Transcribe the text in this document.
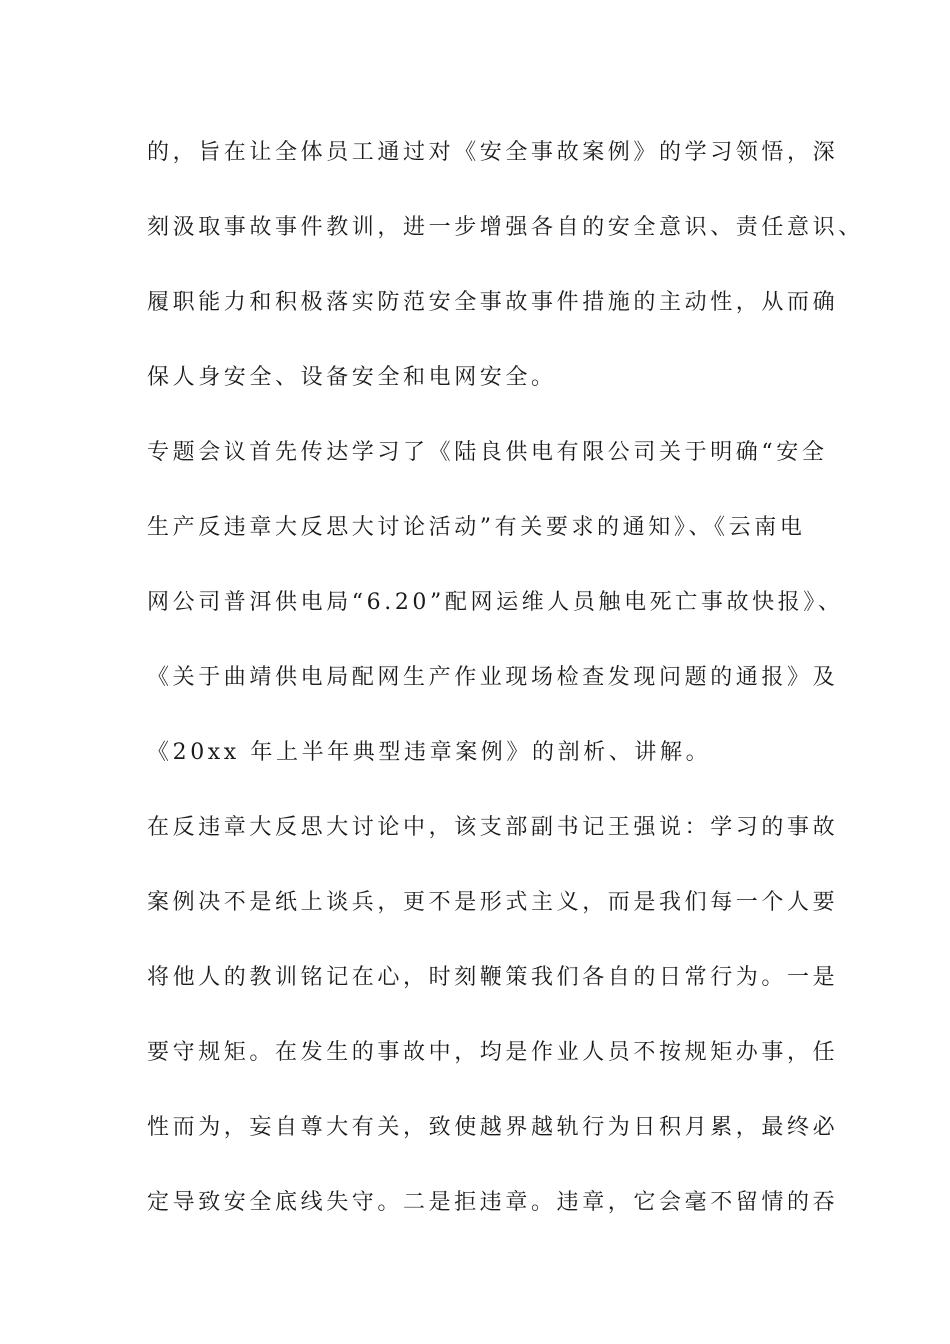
的，旨在让全体员工通过对《安全事故案例》的学习领悟，深
刻汲取事故事件教训，进一步增强各自的安全意识、责任意识、
履职能力和积极落实防范安全事故事件措施的主动性，从而确
保人身安全、设备安全和电网安全。
专题会议首先传达学习了《陆良供电有限公司关于明确“安全
生产反违章大反思大讨论活动”有关要求的通知》、《云南电
网公司普洱供电局“6.20”配网运维人员触电死亡事故快报》、
《关于曲靖供电局配网生产作业现场检查发现问题的通报》及
《20xx 年上半年典型违章案例》的剖析、讲解。
在反违章大反思大讨论中，该支部副书记王强说：学习的事故
案例决不是纸上谈兵，更不是形式主义，而是我们每一个人要
将他人的教训铭记在心，时刻鞭策我们各自的日常行为。一是
要守规矩。在发生的事故中，均是作业人员不按规矩办事，任
性而为，妄自尊大有关，致使越界越轨行为日积月累，最终必
定导致安全底线失守。二是拒违章。违章，它会毫不留情的吞
